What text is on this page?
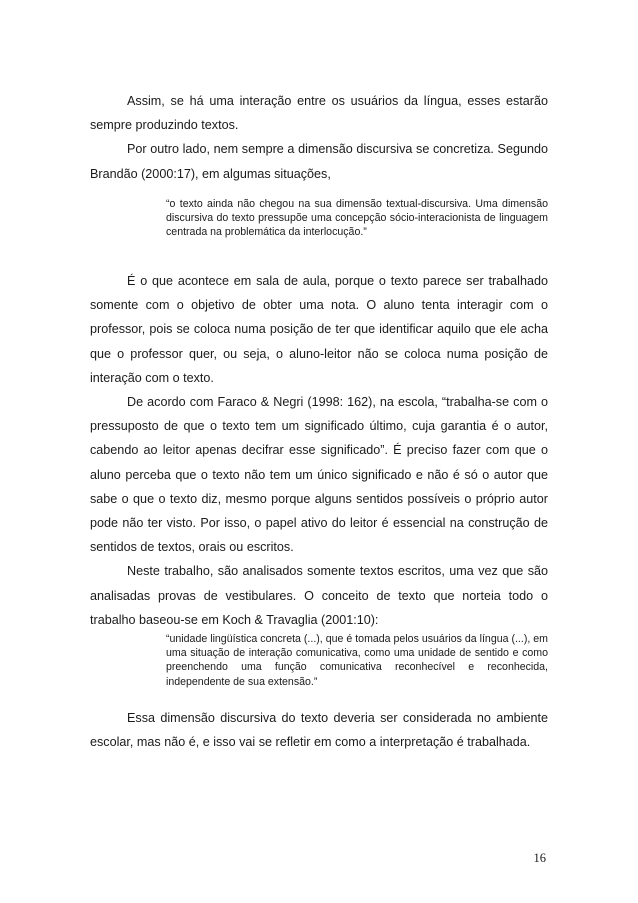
Assim, se há uma interação entre os usuários da língua, esses estarão sempre produzindo textos.

Por outro lado, nem sempre a dimensão discursiva se concretiza. Segundo Brandão (2000:17), em algumas situações,

“o texto ainda não chegou na sua dimensão textual-discursiva. Uma dimensão discursiva do texto pressupõe uma concepção sócio-interacionista de linguagem centrada na problemática da interlocução.”

É o que acontece em sala de aula, porque o texto parece ser trabalhado somente com o objetivo de obter uma nota. O aluno tenta interagir com o professor, pois se coloca numa posição de ter que identificar aquilo que ele acha que o professor quer, ou seja, o aluno-leitor não se coloca numa posição de interação com o texto.

De acordo com Faraco & Negri (1998: 162), na escola, “trabalha-se com o pressuposto de que o texto tem um significado último, cuja garantia é o autor, cabendo ao leitor apenas decifrar esse significado”. É preciso fazer com que o aluno perceba que o texto não tem um único significado e não é só o autor que sabe o que o texto diz, mesmo porque alguns sentidos possíveis o próprio autor pode não ter visto. Por isso, o papel ativo do leitor é essencial na construção de sentidos de textos, orais ou escritos.

Neste trabalho, são analisados somente textos escritos, uma vez que são analisadas provas de vestibulares. O conceito de texto que norteia todo o trabalho baseou-se em Koch & Travaglia (2001:10):

“unidade lingüística concreta (...), que é tomada pelos usuários da língua (...), em uma situação de interação comunicativa, como uma unidade de sentido e como preenchendo uma função comunicativa reconhecível e reconhecida, independente de sua extensão.”

Essa dimensão discursiva do texto deveria ser considerada no ambiente escolar, mas não é, e isso vai se refletir em como a interpretação é trabalhada.

16
